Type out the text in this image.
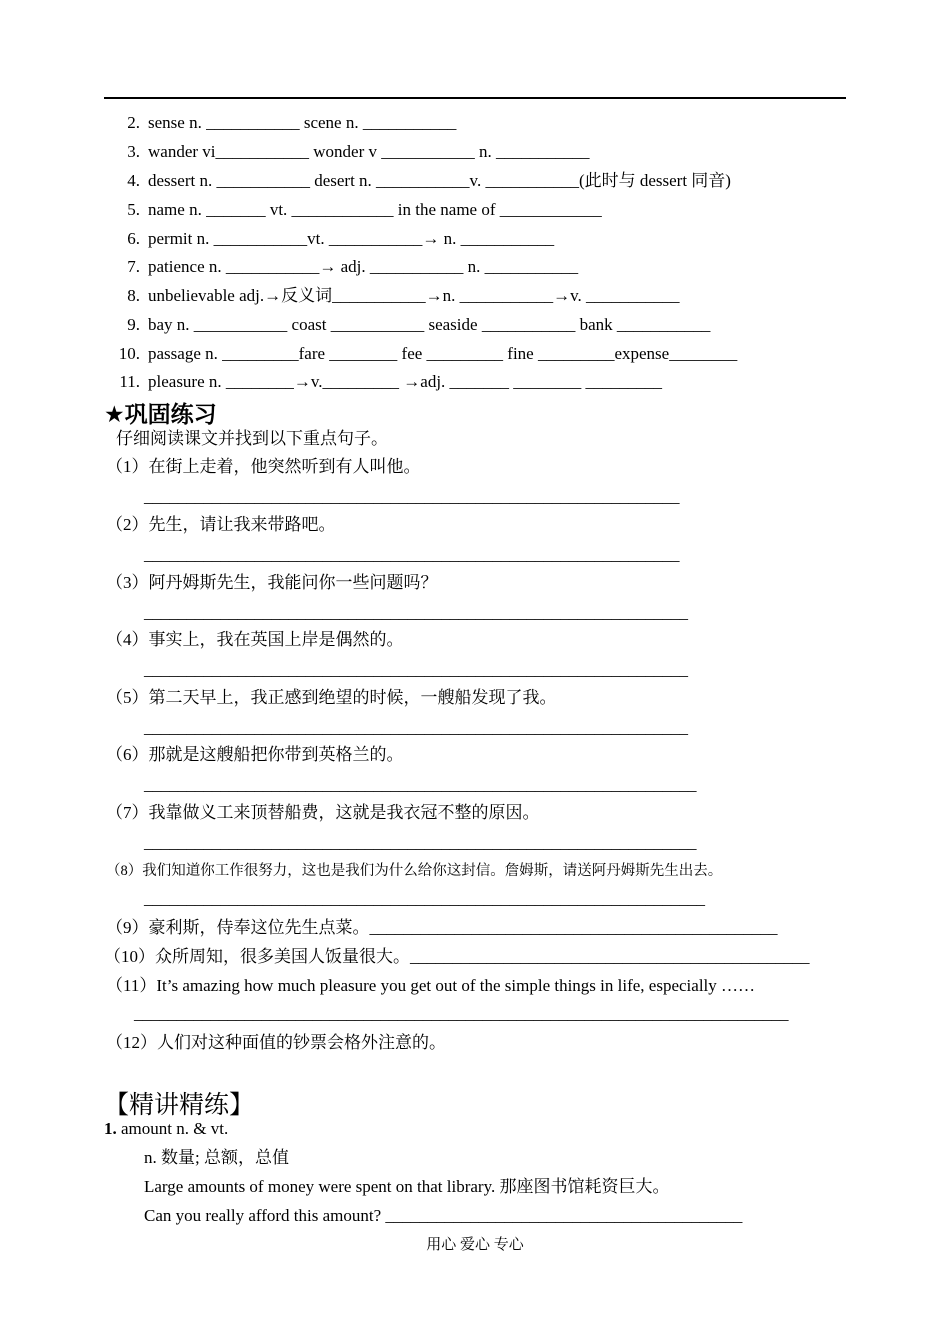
2. sense n. ___________ scene n. ___________
3. wander vi___________ wonder v ___________ n. ___________
4. dessert n. ___________ desert n. ___________v. ___________(此时与 dessert 同音)
5. name n. _______ vt. ____________ in the name of ____________
6. permit n. ___________vt. ___________→ n. ___________
7. patience n. ___________→ adj. ___________ n. ___________
8. unbelievable adj.→反义词___________→n. ___________→v. ___________
9. bay n. ___________ coast ___________ seaside ___________ bank ___________
10. passage n. _________fare ________ fee _________ fine _________expense________
11. pleasure n. ________→v._________ →adj. _______ ________ _________
★巩固练习
仔细阅读课文并找到以下重点句子。
（1）在街上走着，他突然听到有人叫他。
_______________________________________________________________
（2）先生，请让我来带路吧。
_______________________________________________________________
（3）阿丹姆斯先生，我能问你一些问题吗？
________________________________________________________________
（4）事实上，我在英国上岸是偶然的。
________________________________________________________________
（5）第二天早上，我正感到绝望的时候，一艘船发现了我。
________________________________________________________________
（6）那就是这艘船把你带到英格兰的。
_________________________________________________________________
（7）我靠做义工来顶替船费，这就是我衣冠不整的原因。
_________________________________________________________________
（8）我们知道你工作很努力，这也是我们为什么给你这封信。詹姆斯，请送阿丹姆斯先生出去。
__________________________________________________________________
（9）豪利斯，侍奉这位先生点菜。________________________________________________
（10）众所周知，很多美国人饭量很大。_______________________________________________
（11）It’s amazing how much pleasure you get out of the simple things in life, especially ……
_____________________________________________________________________________
（12）人们对这种面值的钞票会格外注意的。
【精讲精练】
1. amount n. & vt.
n. 数量; 总额，总值
Large amounts of money were spent on that library. 那座图书馆耗资巨大。
Can you really afford this amount? __________________________________________
用心 爱心 专心
